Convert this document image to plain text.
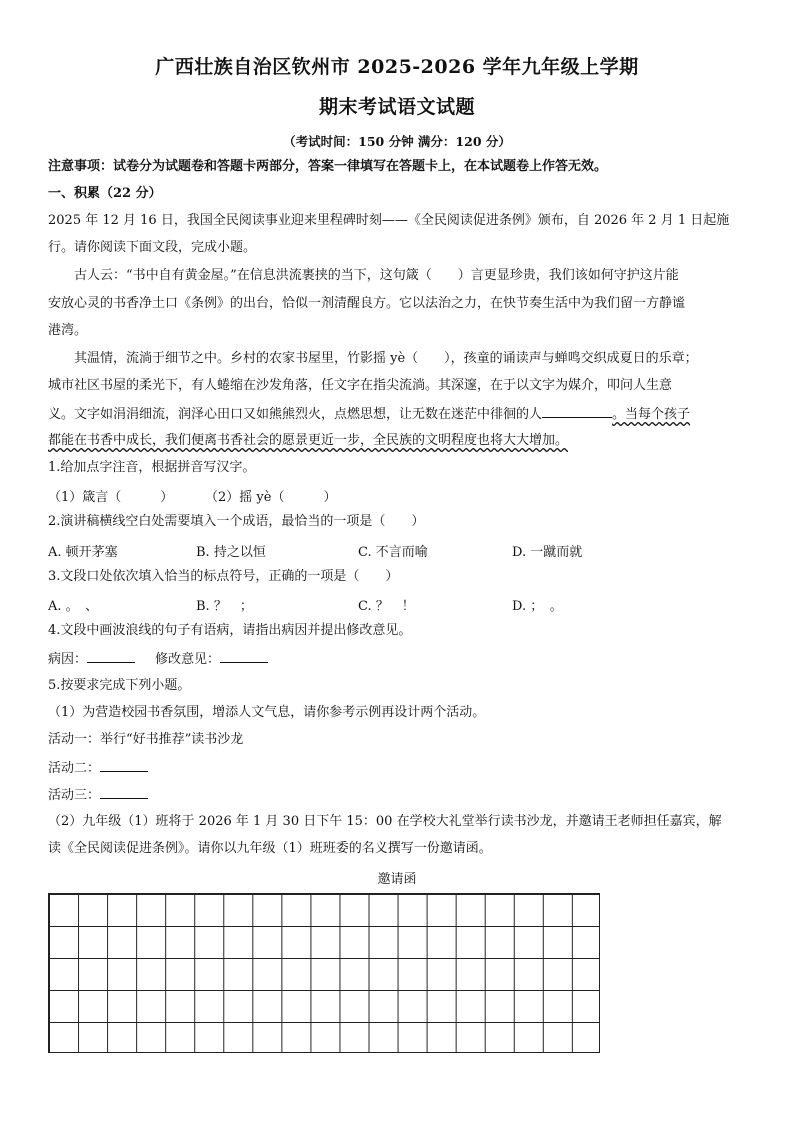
广西壮族自治区钦州市 2025-2026 学年九年级上学期
期末考试语文试题
（考试时间：150 分钟 满分：120 分）
注意事项：试卷分为试题卷和答题卡两部分，答案一律填写在答题卡上，在本试题卷上作答无效。
一、积累（22 分）
2025 年 12 月 16 日，我国全民阅读事业迎来里程碑时刻——《全民阅读促进条例》颁布，自 2026 年 2 月 1 日起施
行。请你阅读下面文段，完成小题。
古人云：“书中自有黄金屋。”在信息洪流裹挟的当下，这句箴（　　）言更显珍贵，我们该如何守护这片能
安放心灵的书香净土口《条例》的出台，恰似一剂清醒良方。它以法治之力，在快节奏生活中为我们留一方静谧
港湾。
其温情，流淌于细节之中。乡村的农家书屋里，竹影摇 yè（　　），孩童的诵读声与蝉鸣交织成夏日的乐章；
城市社区书屋的柔光下，有人蜷缩在沙发角落，任文字在指尖流淌。其深邃，在于以文字为媒介，叩问人生意
义。文字如涓涓细流，润泽心田口又如熊熊烈火，点燃思想，让无数在迷茫中徘徊的人	。当每个孩子
都能在书香中成长，我们便离书香社会的愿景更近一步，全民族的文明程度也将大大增加。
1.给加点字注音，根据拼音写汉字。
（1）箴言（　　　） （2）摇 yè（　　　）
2.演讲稿横线空白处需要填入一个成语，最恰当的一项是（　　）
A. 顿开茅塞	B. 持之以恒	C. 不言而喻	D. 一蹴而就
3.文段口处依次填入恰当的标点符号，正确的一项是（　　）
A. 。　、	B. ？　；	C. ？　！	D. ；　。
4.文段中画波浪线的句子有语病，请指出病因并提出修改意见。
病因：	修改意见：
5.按要求完成下列小题。
（1）为营造校园书香氛围，增添人文气息，请你参考示例再设计两个活动。
活动一：举行“好书推荐”读书沙龙
活动二：
活动三：
（2）九年级（1）班将于 2026 年 1 月 30 日下午 15：00 在学校大礼堂举行读书沙龙，并邀请王老师担任嘉宾，解
读《全民阅读促进条例》。请你以九年级（1）班班委的名义撰写一份邀请函。
邀请函
